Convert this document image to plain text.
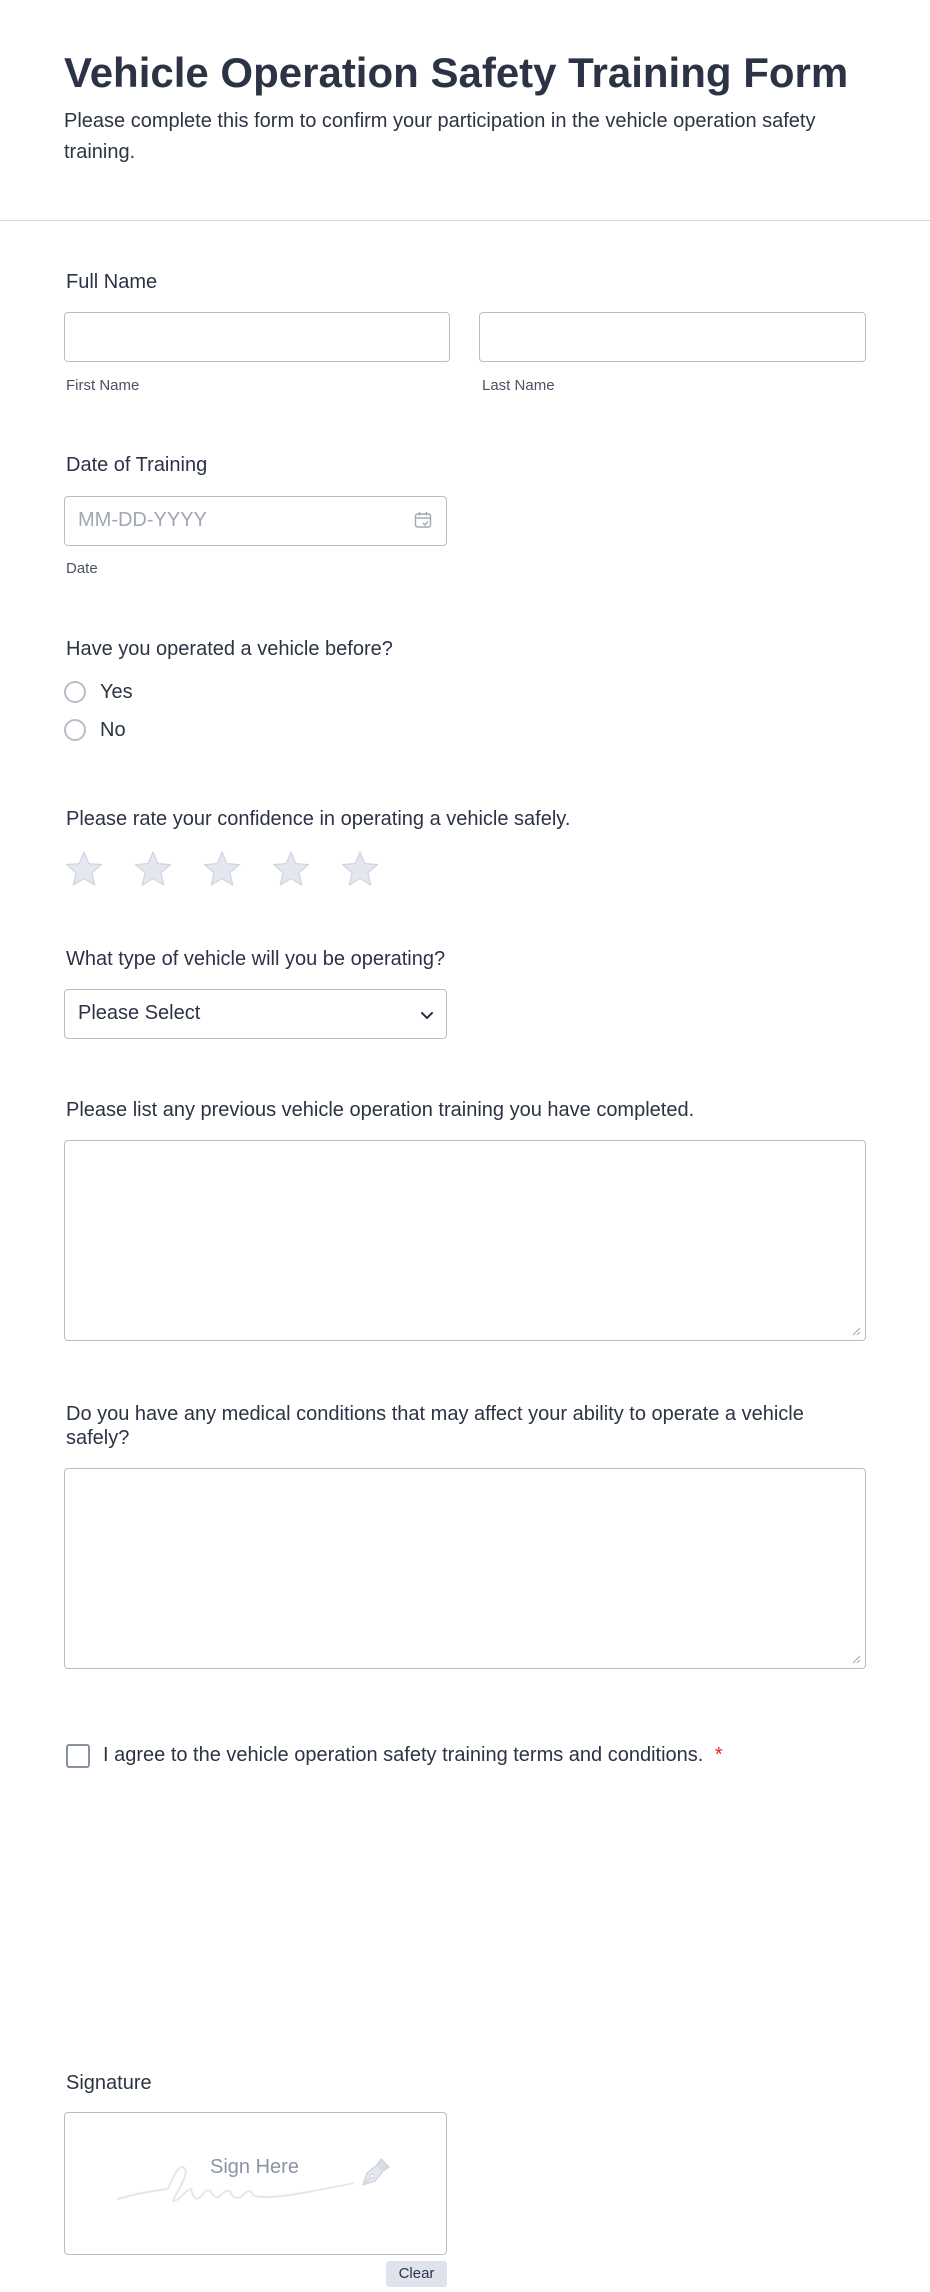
Vehicle Operation Safety Training Form
Please complete this form to confirm your participation in the vehicle operation safety training.
Full Name
First Name	Last Name
Date of Training
MM-DD-YYYY
Date
Have you operated a vehicle before?
Yes
No
Please rate your confidence in operating a vehicle safely.
What type of vehicle will you be operating?
Please Select
Please list any previous vehicle operation training you have completed.
Do you have any medical conditions that may affect your ability to operate a vehicle safely?
I agree to the vehicle operation safety training terms and conditions. *
Signature
Sign Here
Clear
